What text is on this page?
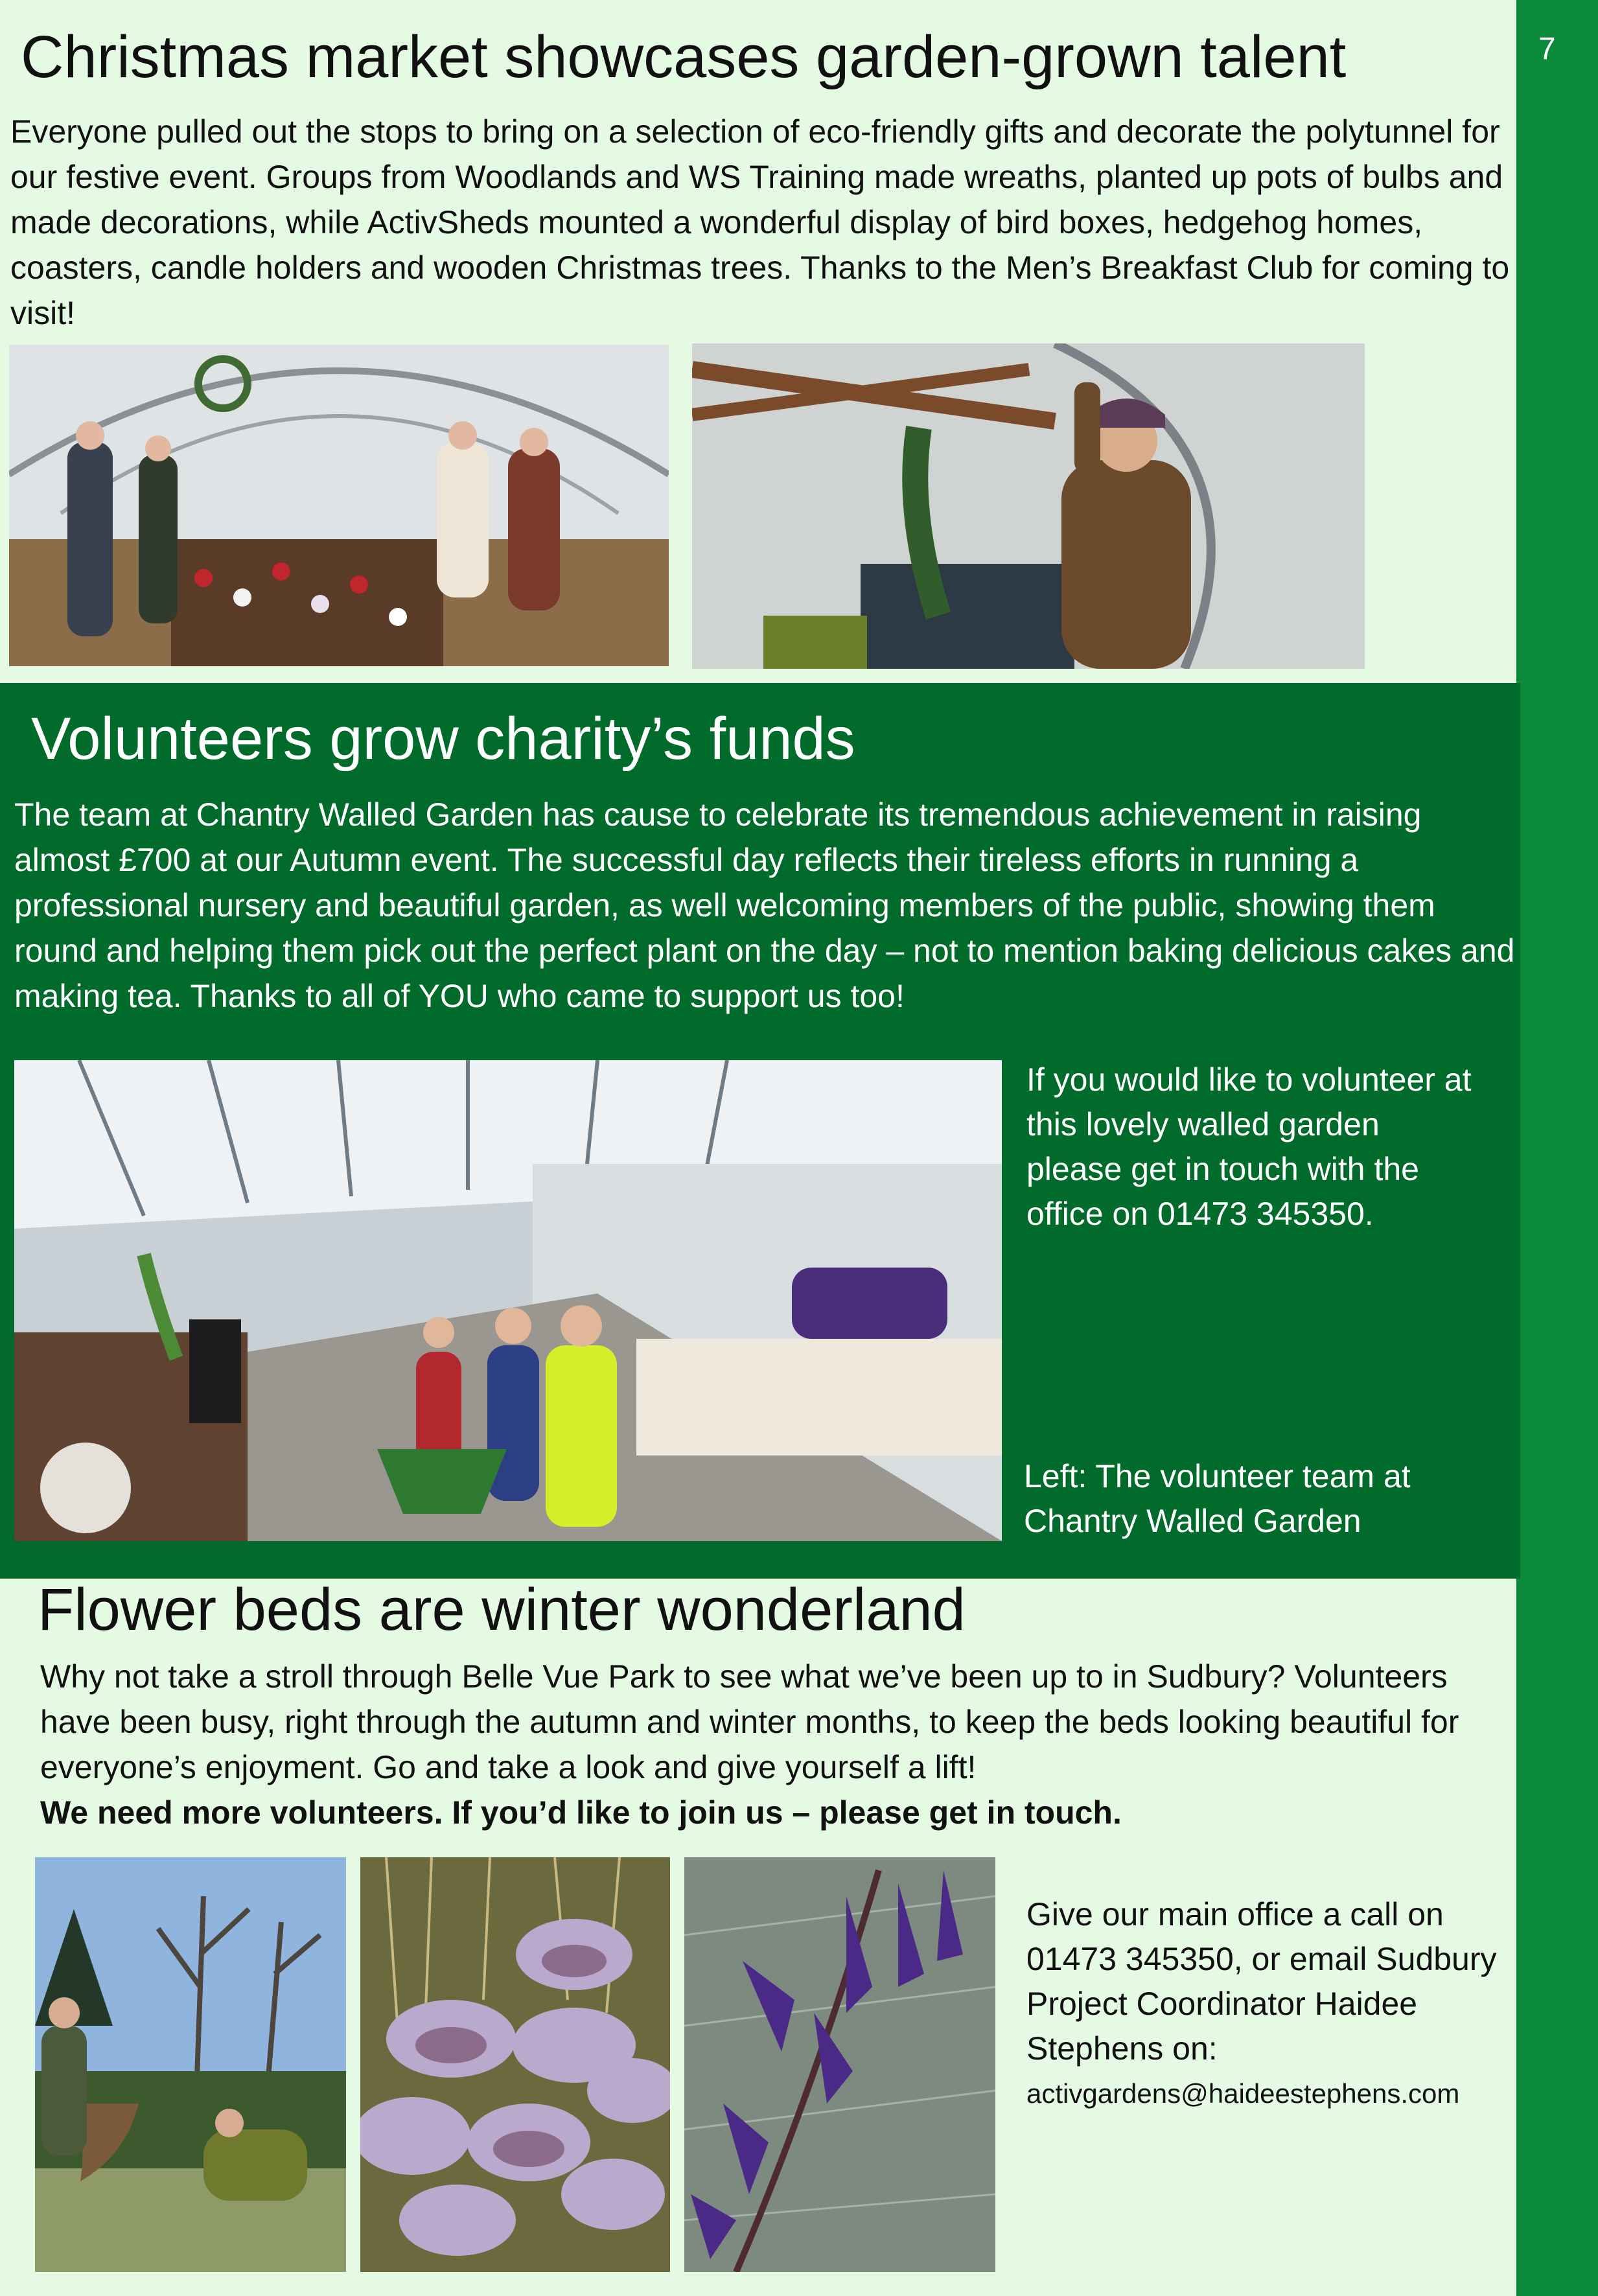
7
Christmas market showcases garden-grown talent

Everyone pulled out the stops to bring on a selection of eco-friendly gifts and decorate the polytunnel for our festive event. Groups from Woodlands and WS Training made wreaths, planted up pots of bulbs and made decorations, while ActivSheds mounted a wonderful display of bird boxes, hedgehog homes, coasters, candle holders and wooden Christmas trees. Thanks to the Men’s Breakfast Club for coming to visit!

Volunteers grow charity’s funds

The team at Chantry Walled Garden has cause to celebrate its tremendous achievement in raising almost £700 at our Autumn event. The successful day reflects their tireless efforts in running a professional nursery and beautiful garden, as well welcoming members of the public, showing them round and helping them pick out the perfect plant on the day – not to mention baking delicious cakes and making tea. Thanks to all of YOU who came to support us too!

If you would like to volunteer at this lovely walled garden please get in touch with the office on 01473 345350.

Left: The volunteer team at Chantry Walled Garden

Flower beds are winter wonderland

Why not take a stroll through Belle Vue Park to see what we’ve been up to in Sudbury? Volunteers have been busy, right through the autumn and winter months, to keep the beds looking beautiful for everyone’s enjoyment. Go and take a look and give yourself a lift!

We need more volunteers. If you’d like to join us – please get in touch.

Give our main office a call on 01473 345350, or email Sudbury Project Coordinator Haidee Stephens on:
activgardens@haideestephens.com
